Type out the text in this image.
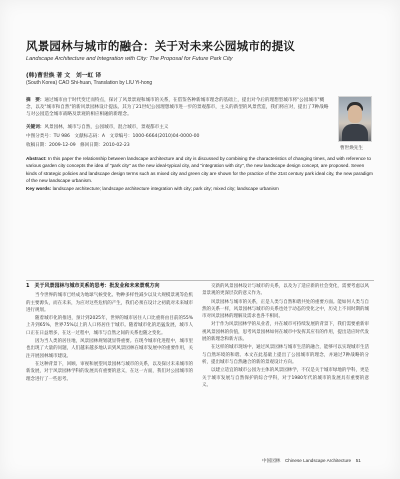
风景园林与城市的融合：关于对未来公园城市的提议
Landscape Architecture and Integration with City: The Proposal for Future Park City
(韩)曹世焕 著 文　刘一虹 译
(South Korea) CAO Shi-huan, Translation by LIU Yi-hong
摘　要：通过城市由于时代变迁而特点，探讨了风景景观和城市的关系，在借鉴各种新城市理念的基础上，提出对今后的理想型城市将"公园城市"概念，以及"城市和自然"的新风景园林设计提法。其为了21世纪公园理想城市进一步的景观都市，主义的新型的风景营造，我们将应对，提出了7种战略与对公园造全城市战略及景观的相应相融的新理念。
关键词：风景园林，城市与自然，公园城市，混合城市，景观都市主义
中图分类号：TU 986 文献标志码：A 文章编号：1000-6664(2010)04-0000-00
收稿日期：2009-12-09 修回日期：2010-02-23
曹世焕先生
Abstract: In this paper the relationship between landscape architecture and city is discussed by combining the characteristics of changing times, and with reference to various garden city concepts the idea of "park city" as the new ideal-typical city, and "integration with city", the new landscape design concept, are proposed. Seven kinds of strategic policies and landscape design terms such as mixed city and green city are shown for the practice of the 21st century park ideal city, the new paradigm of the new landscape urbanism.
Key words: landscape architecture; landscape architecture integration with city; park city; mixed city; landscape urbanism
1　关于风景园林与城市关系的思考：批发业和未来景观方向

当今世界的城市已经成为地球气候变化、物种多样性减少以及大规模景观等危机的主要源头，而在未来，为应对这些危机的产生，我们必须在设计之初就对未来城市进行规划。

随着城市化的推进，预计到2025年，世界的城市居住人口比重将由目前的55%上升到65%，世界75%以上的人口将居住于城市。随着城市化的迅猛发展，城市人口正在日益增多，在这一过程中，城市与自然之间的关系也随之变化。

因为当人类的居住地，风景园林规划就显得重要。在现今城市化进程中，城市里也出现了大量的问题，人们越来越多地认识到风景园林在城市发展中的重要作用，关注开展园林城市建设。

在这种背景下，回顾、审视和展望风景园林与城市的关系，以及探讨未来城市的新发展，对于风景园林学科的发展具有重要的意义，在这一方面，我们对公园城市的理念进行了一些思考。

交新的风景园林设计与城市的关系，以及为了适应新的社会变化，需要考虑以风景景观的更深层次的意义作为。

风景园林与城市的关系，正是人类与自然和谐共处的重要方面。能如何人类与自然的关系一样，风景园林与城市的关系也处于动态的变化之中，历史上不同时期的城市对风景园林的理解及需求也各不相同。

对于作为风景园林学的从业者，并在城市可持续发展的背景下，我们需要重新审视风景园林的价值，思考风景园林如何在城市中发挥其应有的作用，提出适应时代发展的新理念和新方法。

在这样的城市现场中，通过风景园林与城市生活的融合，能够可以实现城市生活与自然环境的和谐。本文在此基础上提出了公园城市的理念，并通过7种战略的分析，提出城市与自然融合的新的景观设计方向。

以建立适宜的城市公园为主体的风景园林学，不仅是关于城市绿地的学科，更是关于城市发展与自然保护的综合学科，对于1980年代的城市的发展具有重要的意义。

中国园林　Chinese Landscape Architecture　51
